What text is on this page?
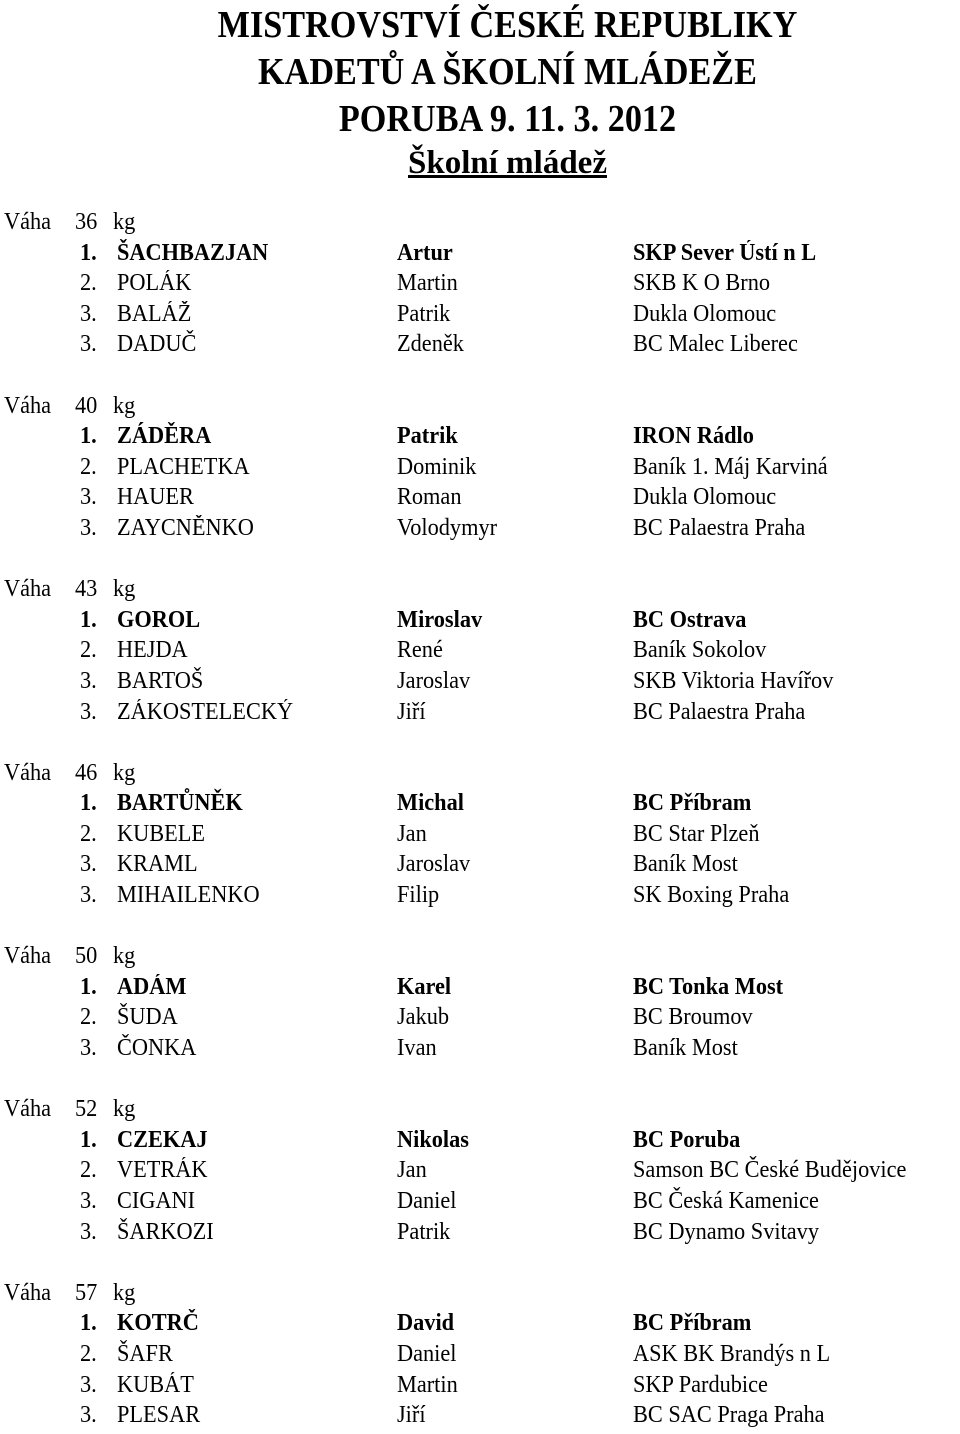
MISTROVSTVÍ ČESKÉ REPUBLIKY
KADETŮ A ŠKOLNÍ MLÁDEŽE
PORUBA 9. 11. 3. 2012
Školní mládež
Váha 36 kg
1. ŠACHBAZJAN	Artur	SKP Sever Ústí n L
2. POLÁK	Martin	SKB K O Brno
3. BALÁŽ	Patrik	Dukla Olomouc
3. DADUČ	Zdeněk	BC Malec Liberec
Váha 40 kg
1. ZÁDĚRA	Patrik	IRON Rádlo
2. PLACHETKA	Dominik	Baník 1. Máj Karviná
3. HAUER	Roman	Dukla Olomouc
3. ZAYCNĚNKO	Volodymyr	BC Palaestra Praha
Váha 43 kg
1. GOROL	Miroslav	BC Ostrava
2. HEJDA	René	Baník Sokolov
3. BARTOŠ	Jaroslav	SKB Viktoria Havířov
3. ZÁKOSTELECKÝ	Jiří	BC Palaestra Praha
Váha 46 kg
1. BARTŮNĚK	Michal	BC Příbram
2. KUBELE	Jan	BC Star Plzeň
3. KRAML	Jaroslav	Baník Most
3. MIHAILENKO	Filip	SK Boxing Praha
Váha 50 kg
1. ADÁM	Karel	BC Tonka Most
2. ŠUDA	Jakub	BC Broumov
3. ČONKA	Ivan	Baník Most
Váha 52 kg
1. CZEKAJ	Nikolas	BC Poruba
2. VETRÁK	Jan	Samson BC České Budějovice
3. CIGANI	Daniel	BC Česká Kamenice
3. ŠARKOZI	Patrik	BC Dynamo Svitavy
Váha 57 kg
1. KOTRČ	David	BC Příbram
2. ŠAFR	Daniel	ASK BK Brandýs n L
3. KUBÁT	Martin	SKP Pardubice
3. PLESAR	Jiří	BC SAC Praga Praha
